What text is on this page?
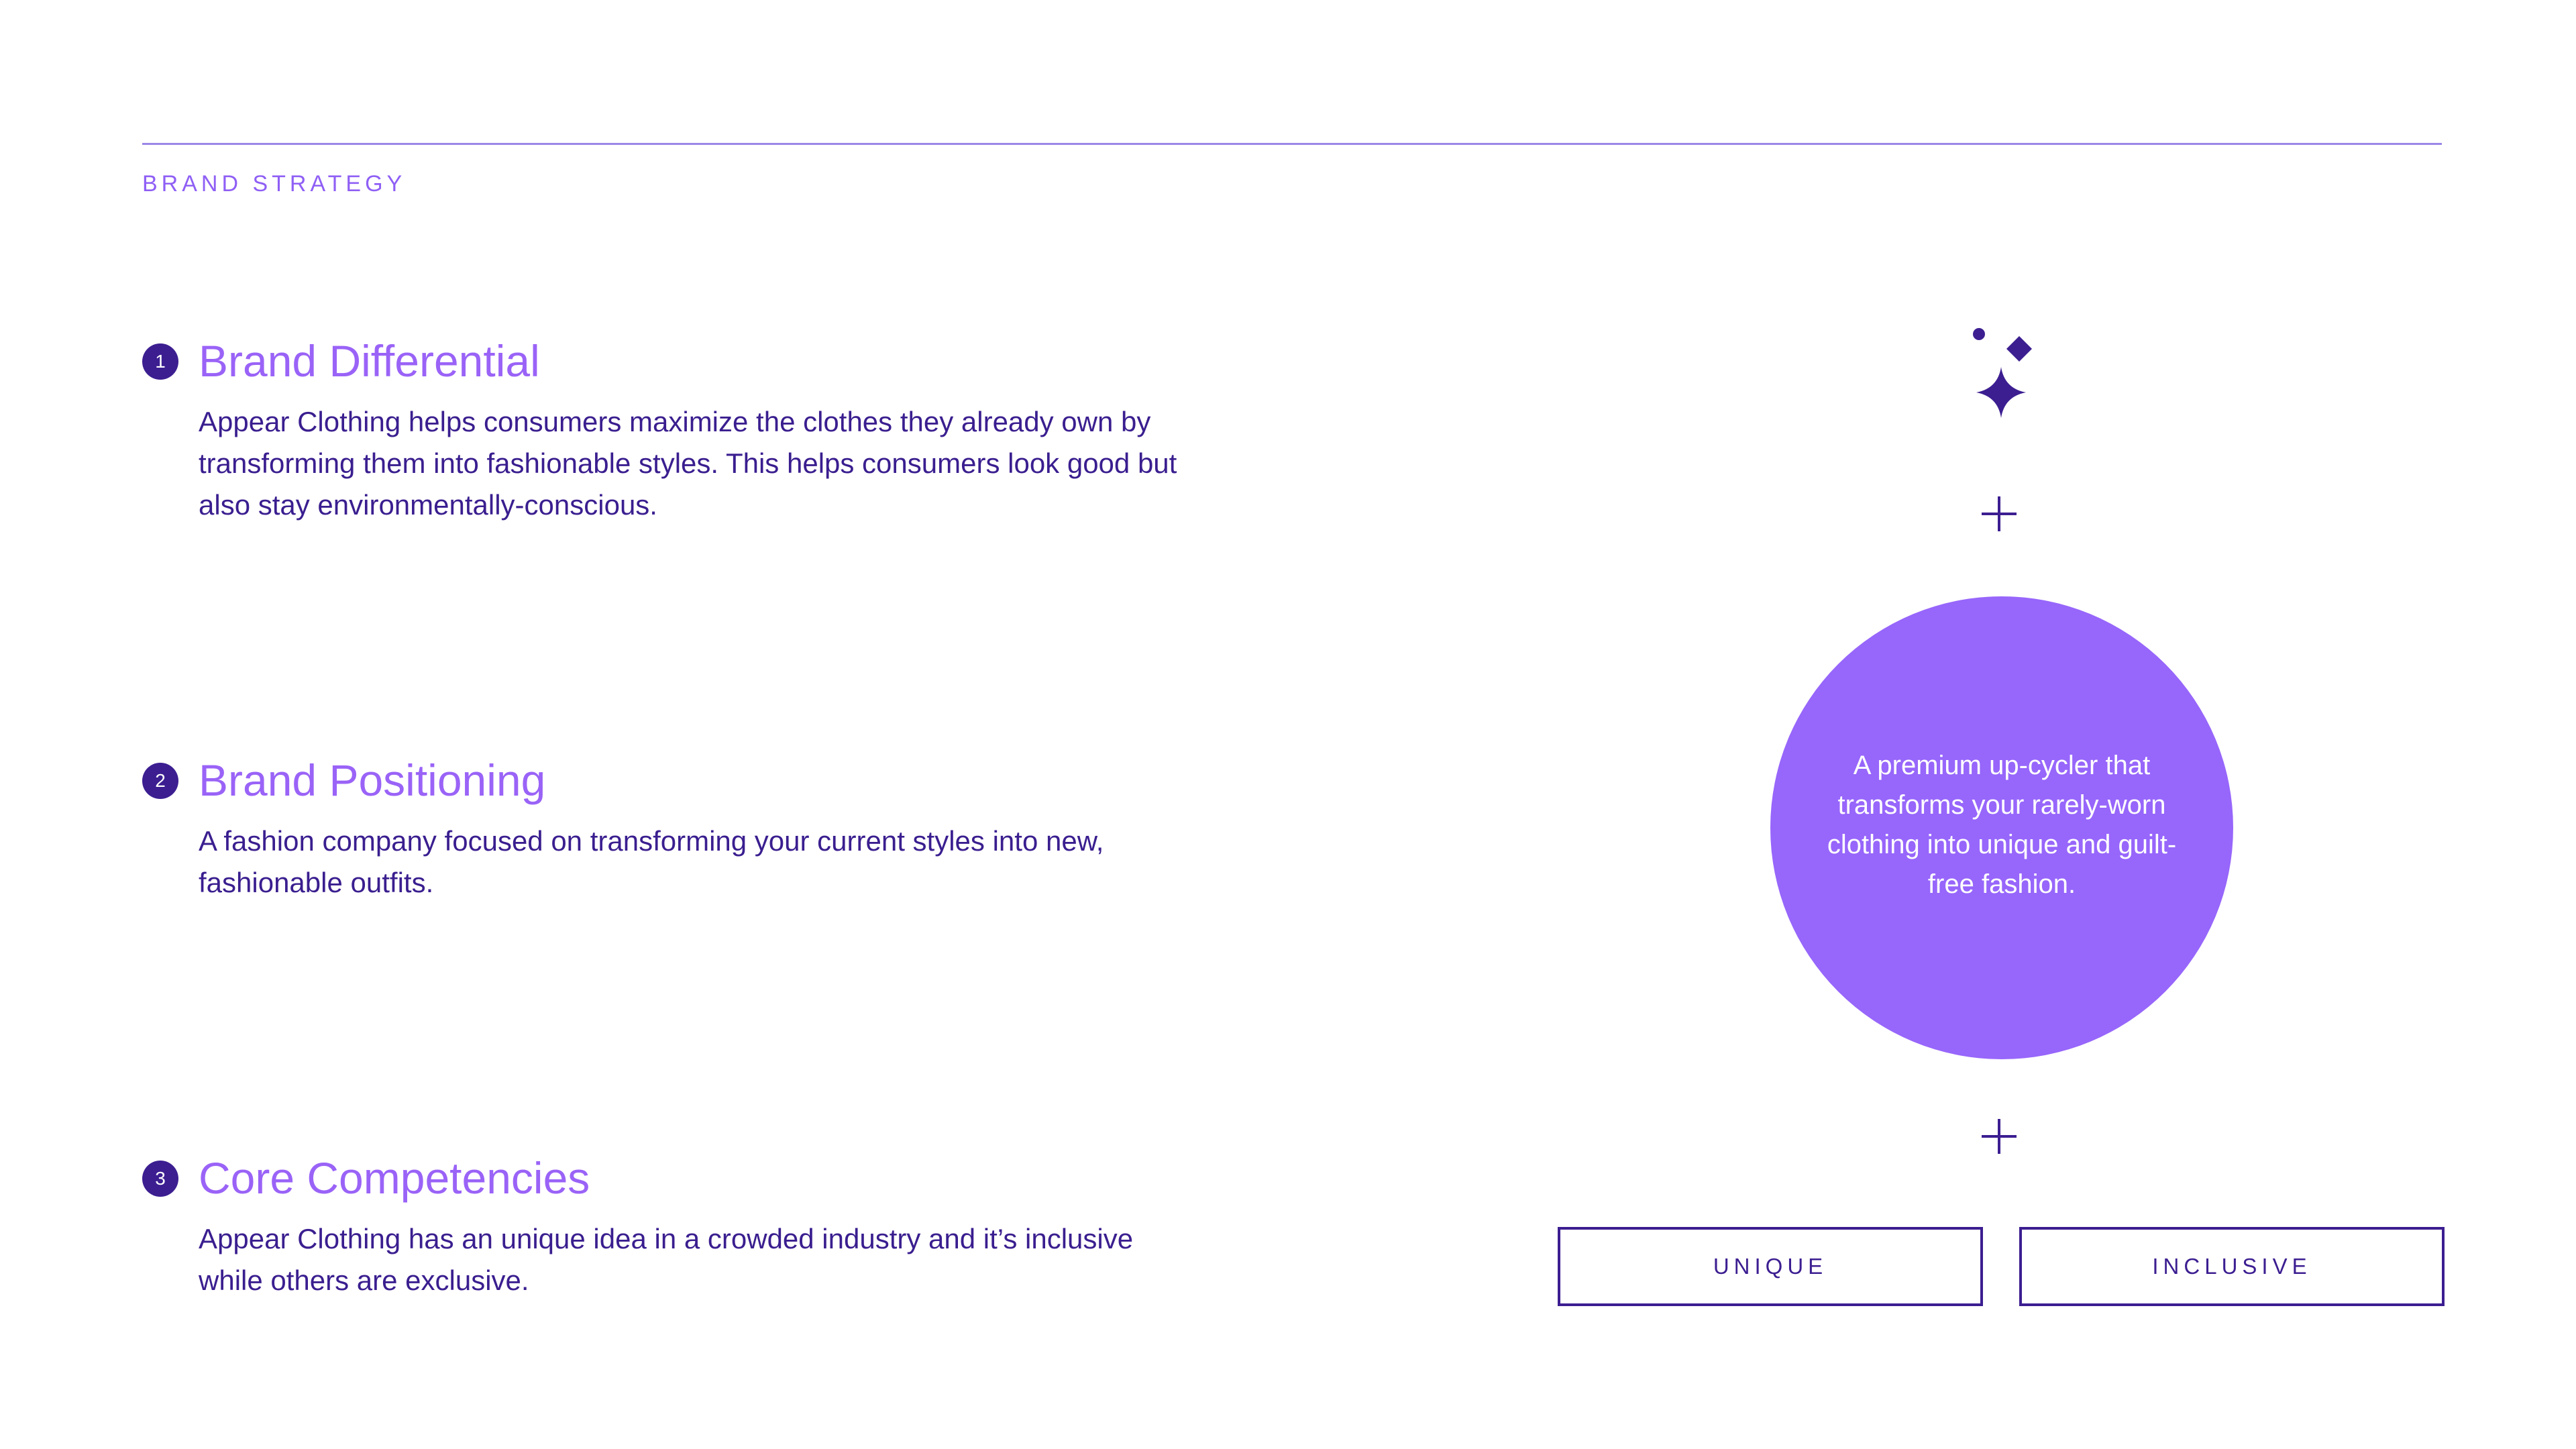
BRAND STRATEGY
1 Brand Differential
Appear Clothing helps consumers maximize the clothes they already own by transforming them into fashionable styles. This helps consumers look good but also stay environmentally-conscious.
2 Brand Positioning
A fashion company focused on transforming your current styles into new, fashionable outfits.
3 Core Competencies
Appear Clothing has an unique idea in a crowded industry and it’s inclusive while others are exclusive.
A premium up-cycler that transforms your rarely-worn clothing into unique and guilt-free fashion.
UNIQUE	INCLUSIVE
